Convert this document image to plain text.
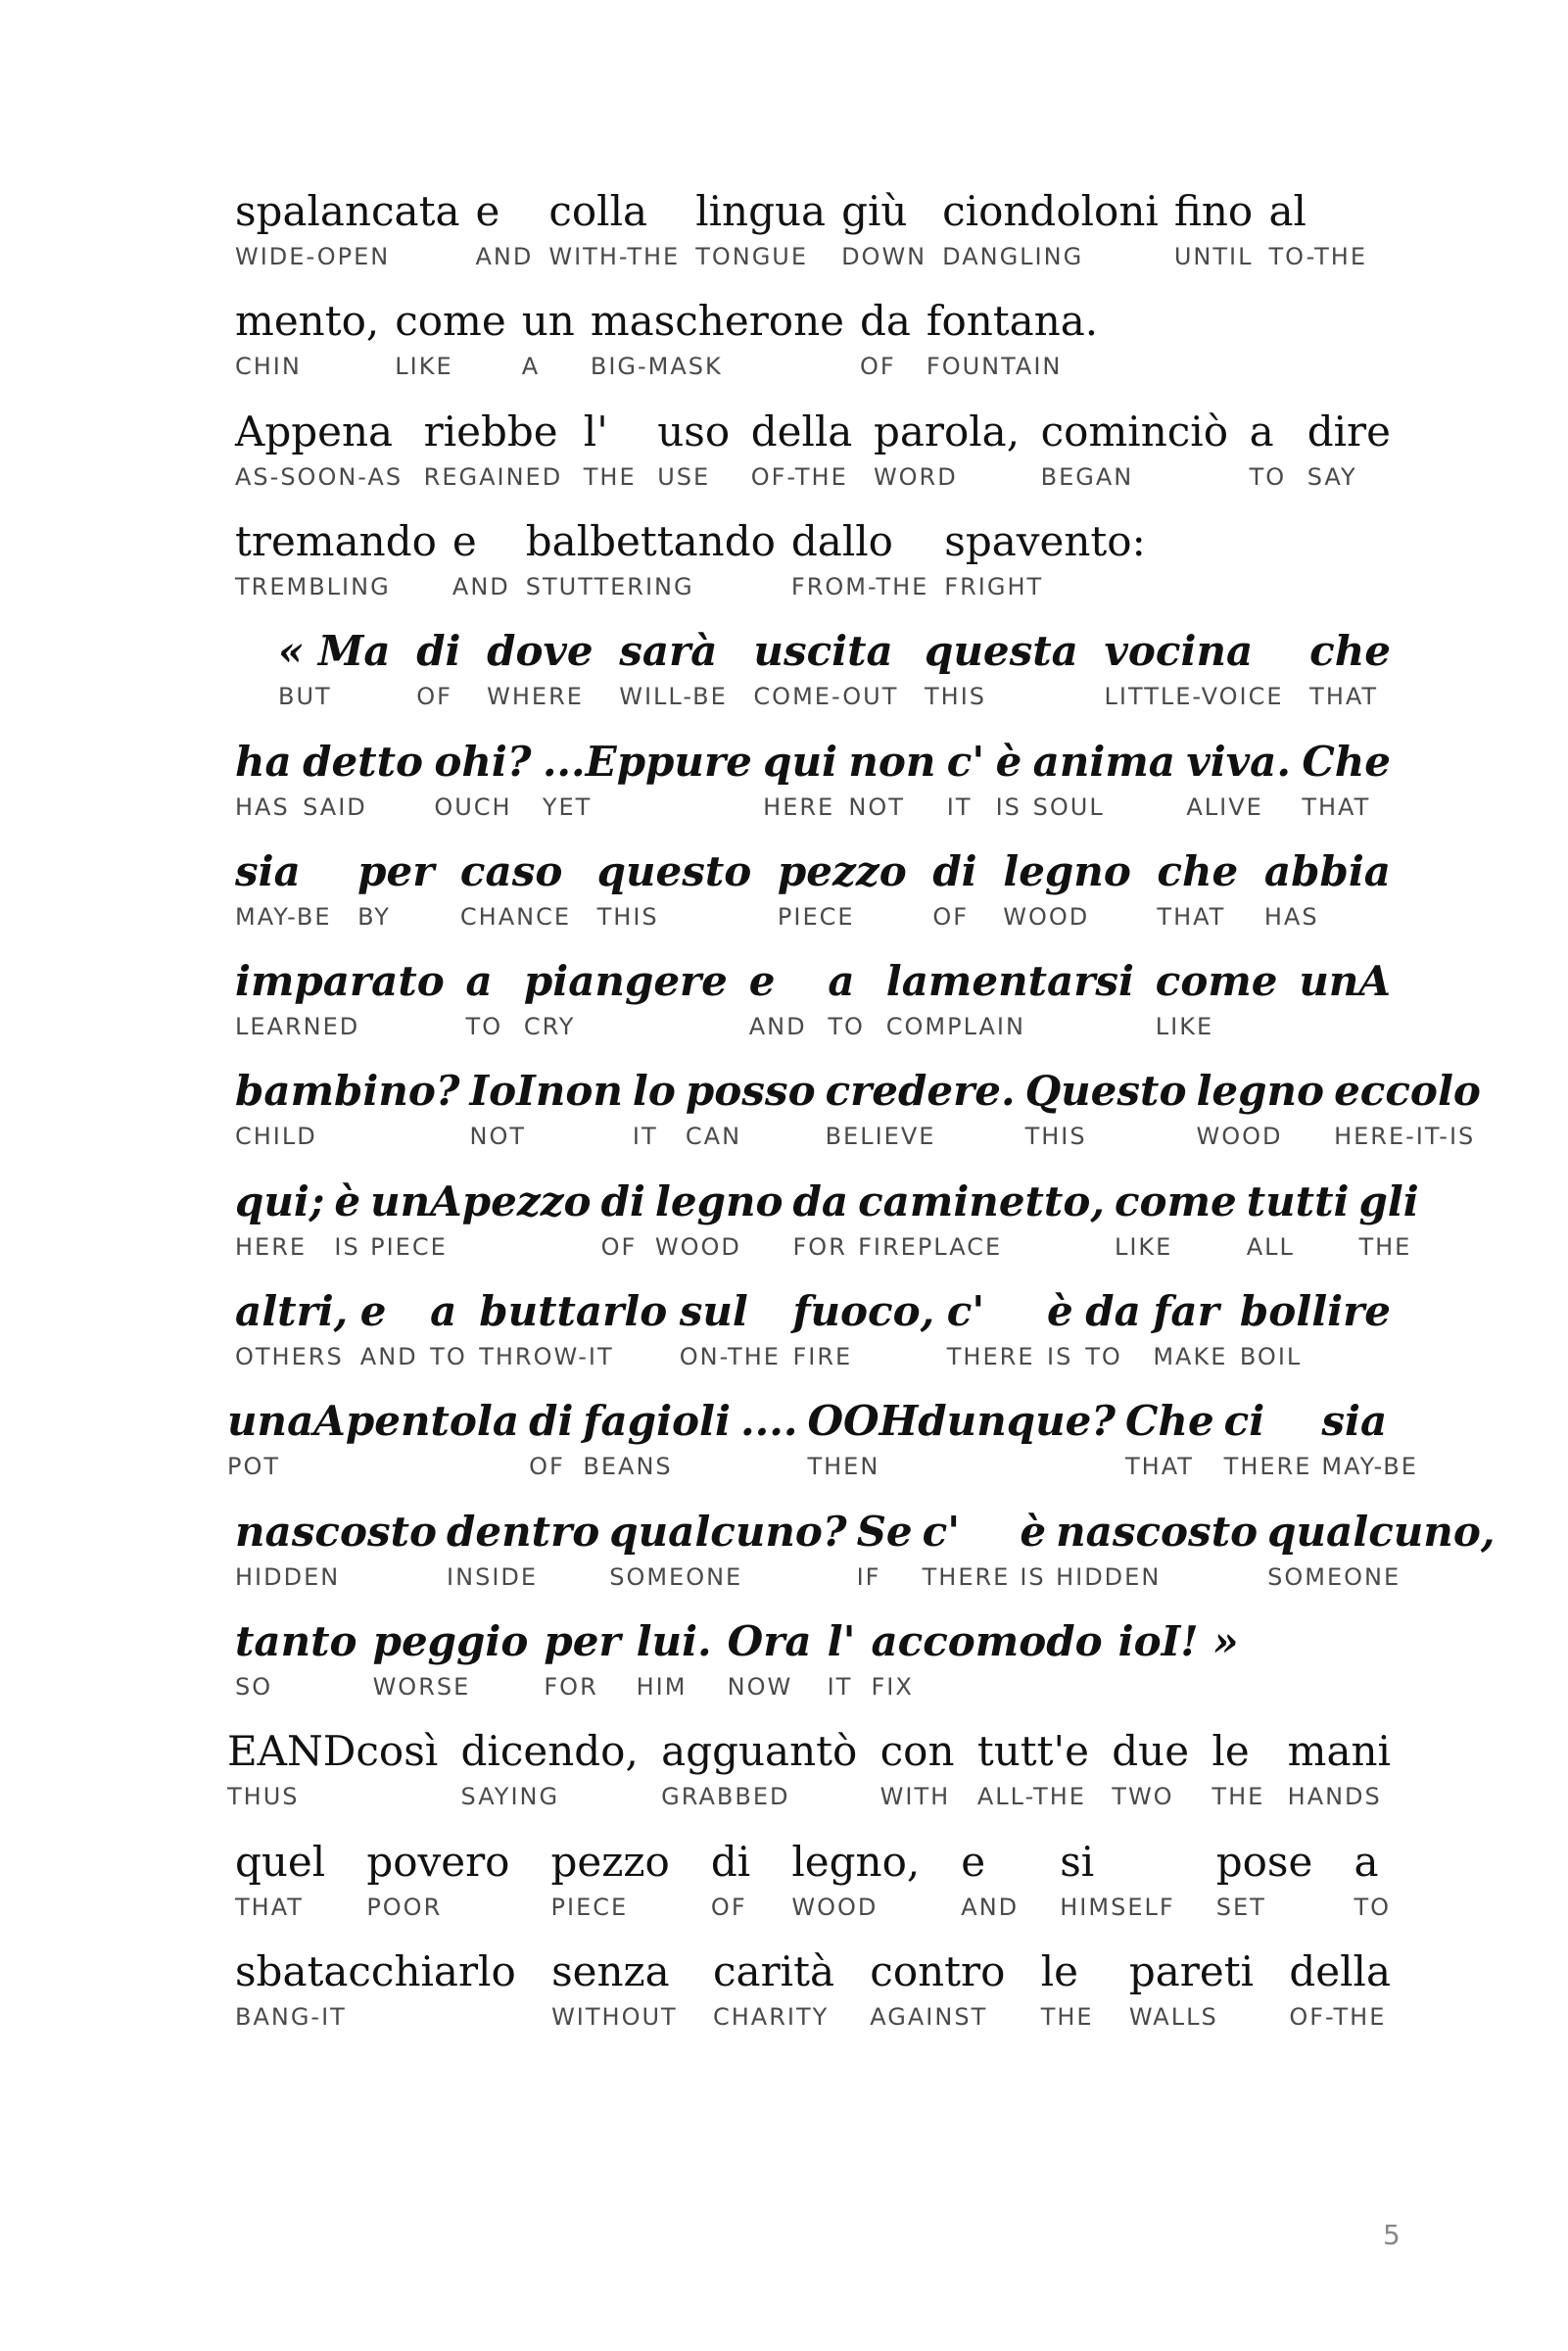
spalancata
WIDE-OPEN
e
AND
colla
WITH-THE
lingua
TONGUE
giù
DOWN
ciondoloni
DANGLING
fino
UNTIL
al
TO-THE
mento,
CHIN
come
LIKE
un
A
mascherone
BIG-MASK
da
OF
fontana.
FOUNTAIN
Appena
AS-SOON-AS
riebbe
REGAINED
l'
THE
uso
USE
della
OF-THE
parola,
WORD
cominciò
BEGAN
a
TO
dire
SAY
tremando
TREMBLING
e
AND
balbettando
STUTTERING
dallo
FROM-THE
spavento:
FRIGHT
« Ma
BUT
di
OF
dove
WHERE
sarà
WILL-BE
uscita
COME-OUT
questa
THIS
vocina
LITTLE-VOICE
che
THAT
ha
HAS
detto
SAID
ohi?
OUCH
...Eppure
YET
qui
HERE
non
NOT
c'
IT
è
IS
anima
SOUL
viva.
ALIVE
Che
THAT
sia
MAY-BE
per
BY
caso
CHANCE
questo
THIS
pezzo
PIECE
di
OF
legno
WOOD
che
THAT
abbia
HAS
imparato
LEARNED
a
TO
piangere
CRY
e
AND
a
TO
lamentarsi
COMPLAIN
come
LIKE
unA
bambino?
CHILD
IoInon
NOT
lo
IT
posso
CAN
credere.
BELIEVE
Questo
THIS
legno
WOOD
eccolo
HERE-IT-IS
qui;
HERE
è
IS
unApezzo
PIECE
di
OF
legno
WOOD
da
FOR
caminetto,
FIREPLACE
come
LIKE
tutti
ALL
gli
THE
altri,
OTHERS
e
AND
a
TO
buttarlo
THROW-IT
sul
ON-THE
fuoco,
FIRE
c'
THERE
è
IS
da
TO
far
MAKE
bollire
BOIL
unaApentola
POT
di
OF
fagioli
BEANS
.... OOHdunque?
THEN
Che
THAT
ci
THERE
sia
MAY-BE
nascosto
HIDDEN
dentro
INSIDE
qualcuno?
SOMEONE
Se
IF
c'
THERE
è
IS
nascosto
HIDDEN
qualcuno,
SOMEONE
tanto
SO
peggio
WORSE
per
FOR
lui.
HIM
Ora
NOW
l'
IT
accomodo
FIX
ioI! »
EANDcosì
THUS
dicendo,
SAYING
agguantò
GRABBED
con
WITH
tutt'e
ALL-THE
due
TWO
le
THE
mani
HANDS
quel
THAT
povero
POOR
pezzo
PIECE
di
OF
legno,
WOOD
e
AND
si
HIMSELF
pose
SET
a
TO
sbatacchiarlo
BANG-IT
senza
WITHOUT
carità
CHARITY
contro
AGAINST
le
THE
pareti
WALLS
della
OF-THE
5
